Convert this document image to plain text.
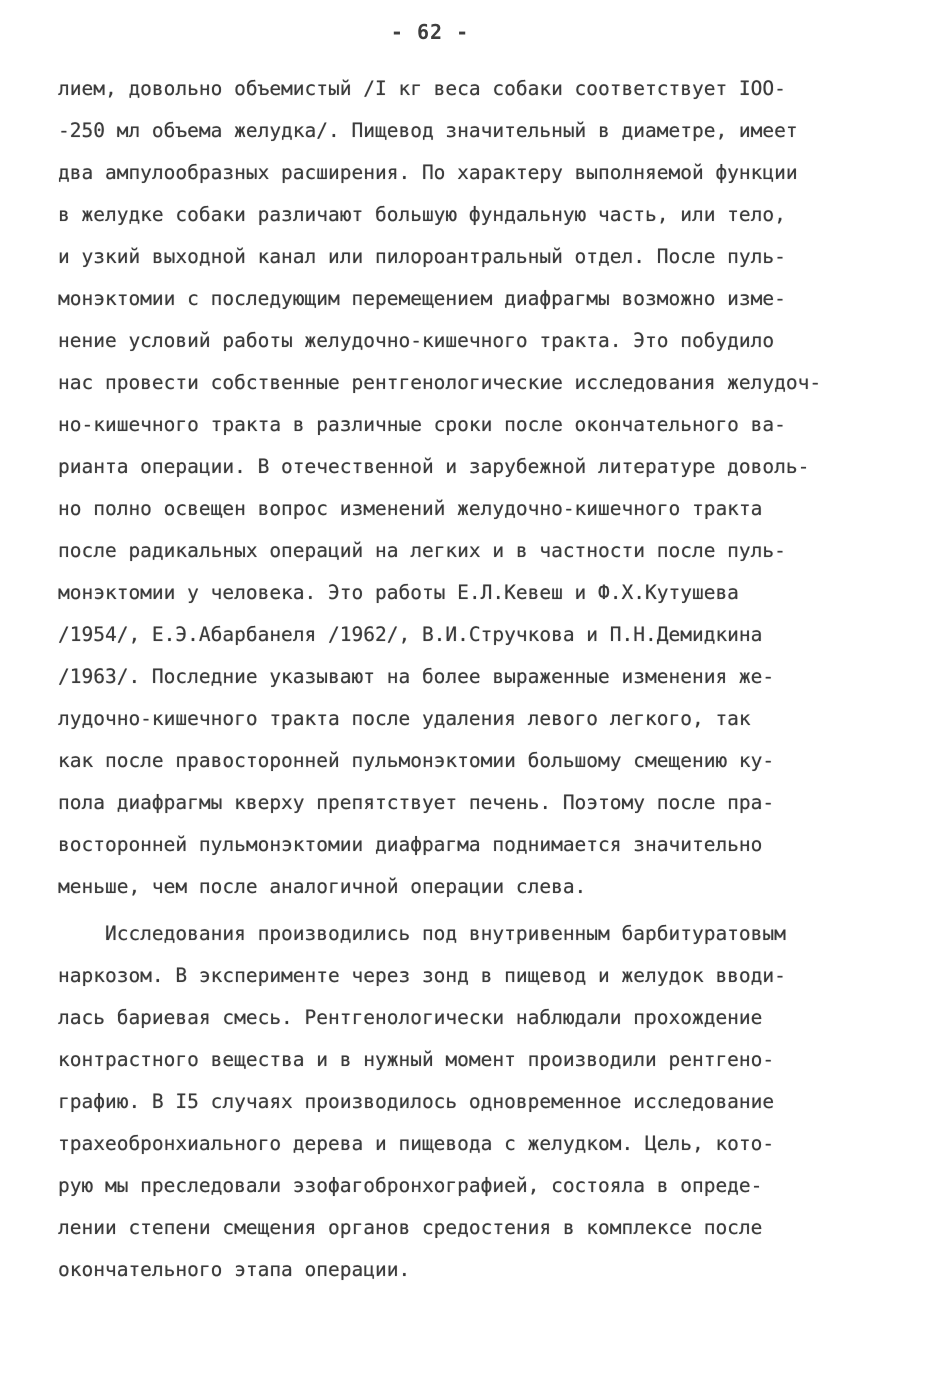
- 62 -
лием, довольно объемистый /I кг веса собаки соответствует IOO-
-250 мл объема желудка/. Пищевод значительный в диаметре, имеет
два ампулообразных расширения. По характеру выполняемой функции
в желудке собаки различают большую фундальную часть, или тело,
и узкий выходной канал или пилороантральный отдел. После пуль-
монэктомии с последующим перемещением диафрагмы возможно изме-
нение условий работы желудочно-кишечного тракта. Это побудило
нас провести собственные рентгенологические исследования желудоч-
но-кишечного тракта в различные сроки после окончательного ва-
рианта операции. В отечественной и зарубежной литературе доволь-
но полно освещен вопрос изменений желудочно-кишечного тракта
после радикальных операций на легких и в частности после пуль-
монэктомии у человека. Это работы Е.Л.Кевеш и Ф.Х.Кутушева
/1954/, Е.Э.Абарбанеля /1962/, В.И.Стручкова и П.Н.Демидкина
/1963/. Последние указывают на более выраженные изменения же-
лудочно-кишечного тракта после удаления левого легкого, так
как после правосторонней пульмонэктомии большому смещению ку-
пола диафрагмы кверху препятствует печень. Поэтому после пра-
восторонней пульмонэктомии диафрагма поднимается значительно
меньше, чем после аналогичной операции слева.
Исследования производились под внутривенным барбитуратовым
наркозом. В эксперименте через зонд в пищевод и желудок вводи-
лась бариевая смесь. Рентгенологически наблюдали прохождение
контрастного вещества и в нужный момент производили рентгено-
графию. В I5 случаях производилось одновременное исследование
трахеобронхиального дерева и пищевода с желудком. Цель, кото-
рую мы преследовали эзофагобронхографией, состояла в опреде-
лении степени смещения органов средостения в комплексе после
окончательного этапа операции.
